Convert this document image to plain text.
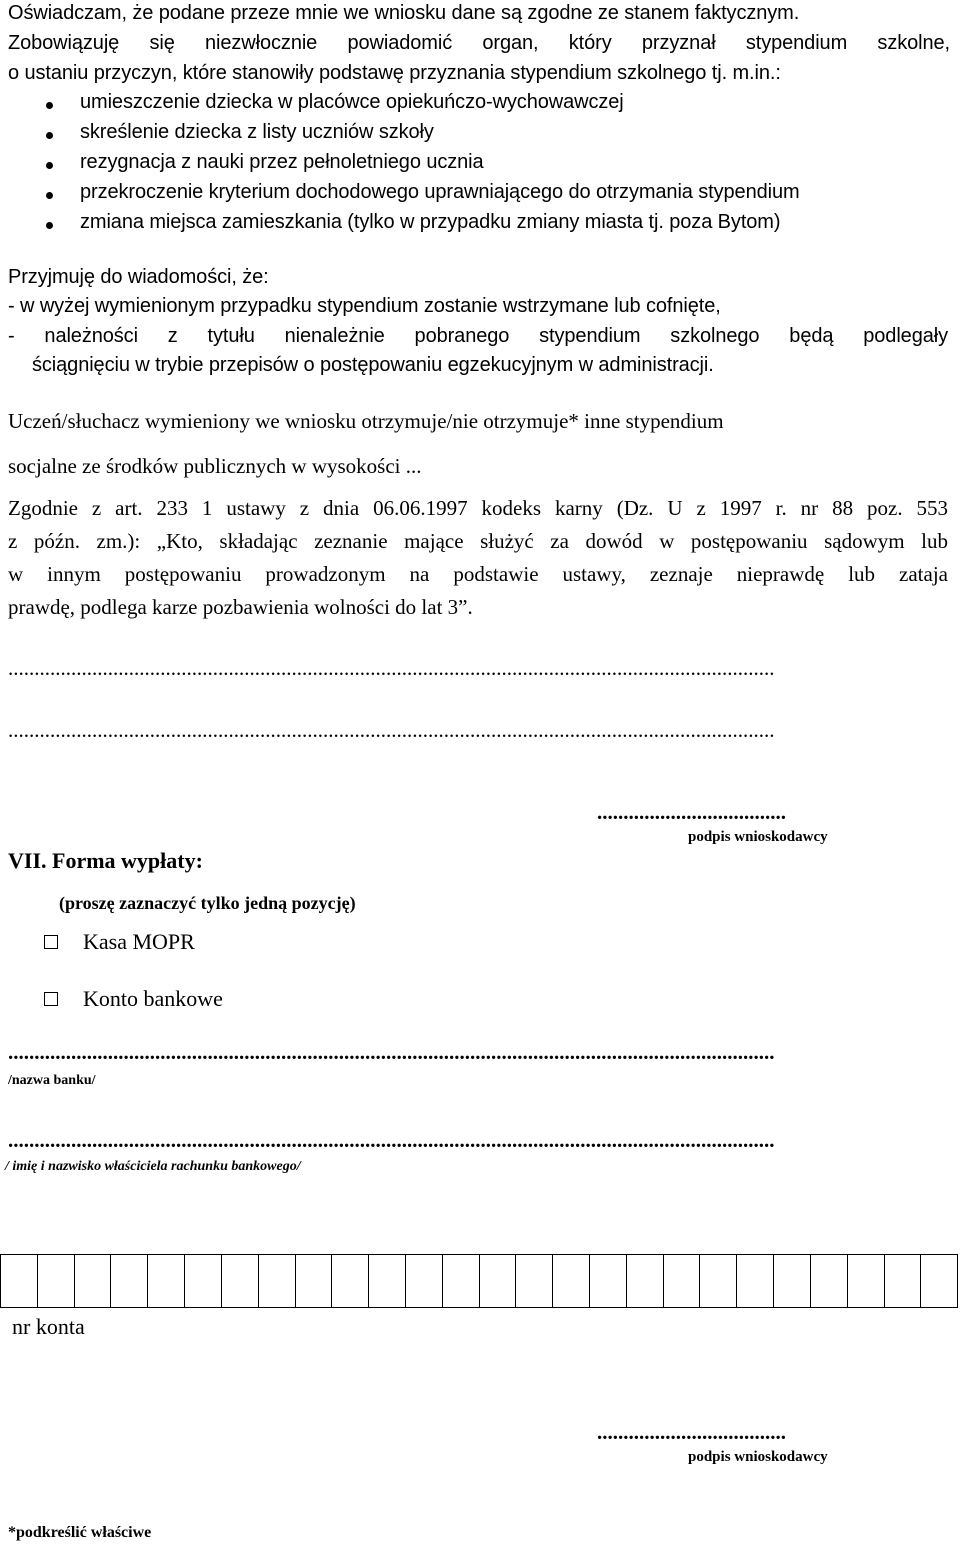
Oświadczam, że podane przeze mnie we wniosku dane są zgodne ze stanem faktycznym.
Zobowiązuję się niezwłocznie powiadomić organ, który przyznał stypendium szkolne,
o ustaniu przyczyn, które stanowiły podstawę przyznania stypendium szkolnego tj. m.in.:
umieszczenie dziecka w placówce opiekuńczo-wychowawczej
skreślenie dziecka z listy uczniów szkoły
rezygnacja z nauki przez pełnoletniego ucznia
przekroczenie kryterium dochodowego uprawniającego do otrzymania stypendium
zmiana miejsca zamieszkania (tylko w przypadku zmiany miasta tj. poza Bytom)
Przyjmuję do wiadomości, że:
- w wyżej wymienionym przypadku stypendium zostanie wstrzymane lub cofnięte,
- należności z tytułu nienależnie pobranego stypendium szkolnego będą podlegały
ściągnięciu w trybie przepisów o postępowaniu egzekucyjnym w administracji.
Uczeń/słuchacz wymieniony we wniosku otrzymuje/nie otrzymuje* inne stypendium
socjalne ze środków publicznych w wysokości ...
Zgodnie z art. 233 1 ustawy z dnia 06.06.1997 kodeks karny (Dz. U z 1997 r. nr 88 poz. 553
z późn. zm.): „Kto, składając zeznanie mające służyć za dowód w postępowaniu sądowym lub
w innym postępowaniu prowadzonym na podstawie ustawy, zeznaje nieprawdę lub zataja
prawdę, podlega karze pozbawienia wolności do lat 3”.
..................................................................................................................................................
..................................................................................................................................................
....................................
podpis wnioskodawcy
VII. Forma wypłaty:
(proszę zaznaczyć tylko jedną pozycję)
Kasa MOPR
Konto bankowe
..................................................................................................................................................
/nazwa banku/
..................................................................................................................................................
/ imię i nazwisko właściciela rachunku bankowego/
nr konta
....................................
podpis wnioskodawcy
*podkreślić właściwe
